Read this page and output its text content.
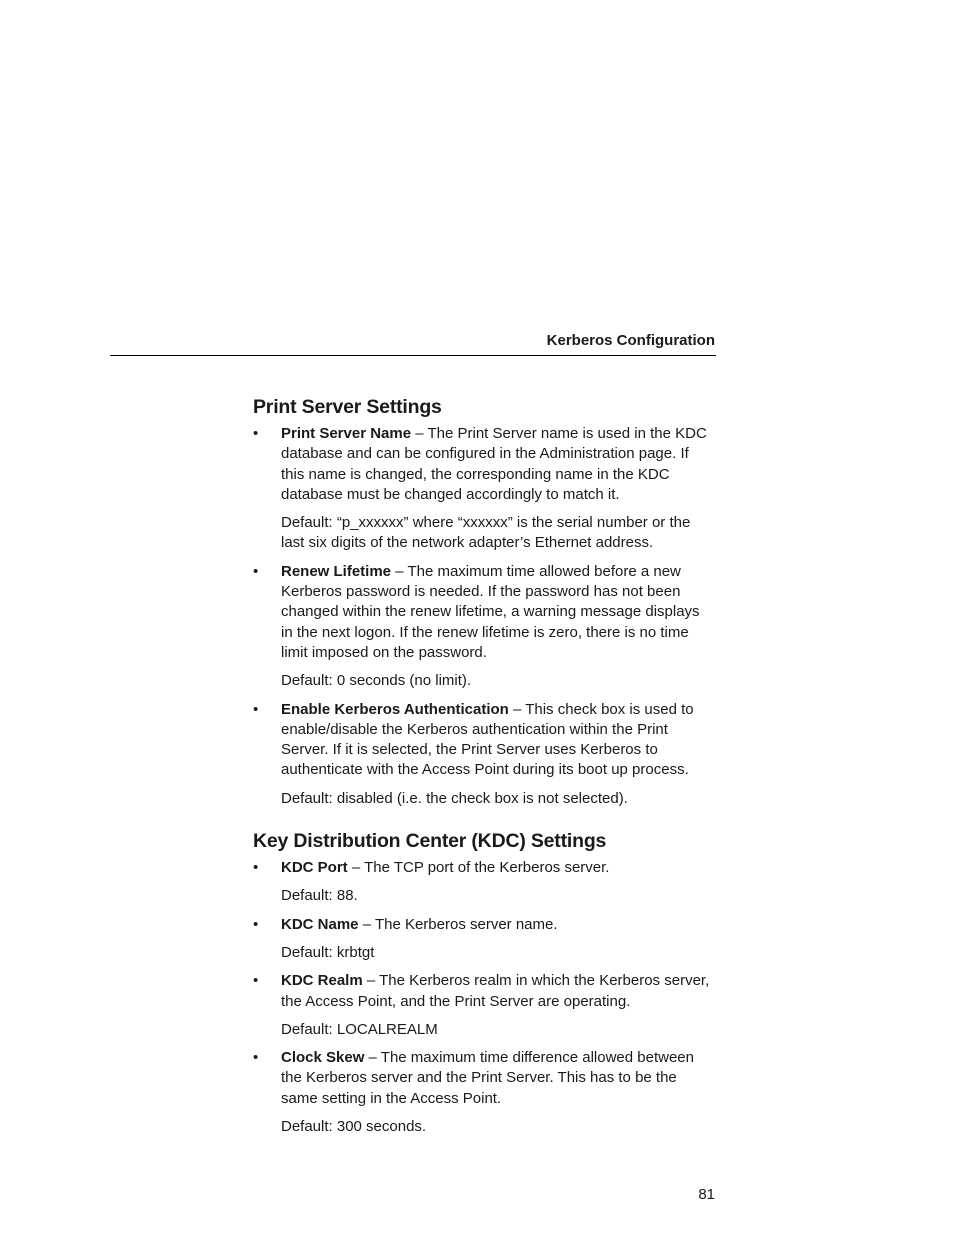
Kerberos Configuration
Print Server Settings
• Print Server Name – The Print Server name is used in the KDC database and can be configured in the Administration page. If this name is changed, the corresponding name in the KDC database must be changed accordingly to match it.

Default: “p_xxxxxx” where “xxxxxx” is the serial number or the last six digits of the network adapter’s Ethernet address.

• Renew Lifetime – The maximum time allowed before a new Kerberos password is needed. If the password has not been changed within the renew lifetime, a warning message displays in the next logon. If the renew lifetime is zero, there is no time limit imposed on the password.

Default: 0 seconds (no limit).

• Enable Kerberos Authentication – This check box is used to enable/disable the Kerberos authentication within the Print Server. If it is selected, the Print Server uses Kerberos to authenticate with the Access Point during its boot up process.

Default: disabled (i.e. the check box is not selected).

Key Distribution Center (KDC) Settings
• KDC Port – The TCP port of the Kerberos server.

Default: 88.

• KDC Name – The Kerberos server name.

Default: krbtgt

• KDC Realm – The Kerberos realm in which the Kerberos server, the Access Point, and the Print Server are operating.

Default: LOCALREALM

• Clock Skew – The maximum time difference allowed between the Kerberos server and the Print Server. This has to be the same setting in the Access Point.

Default: 300 seconds.

81
